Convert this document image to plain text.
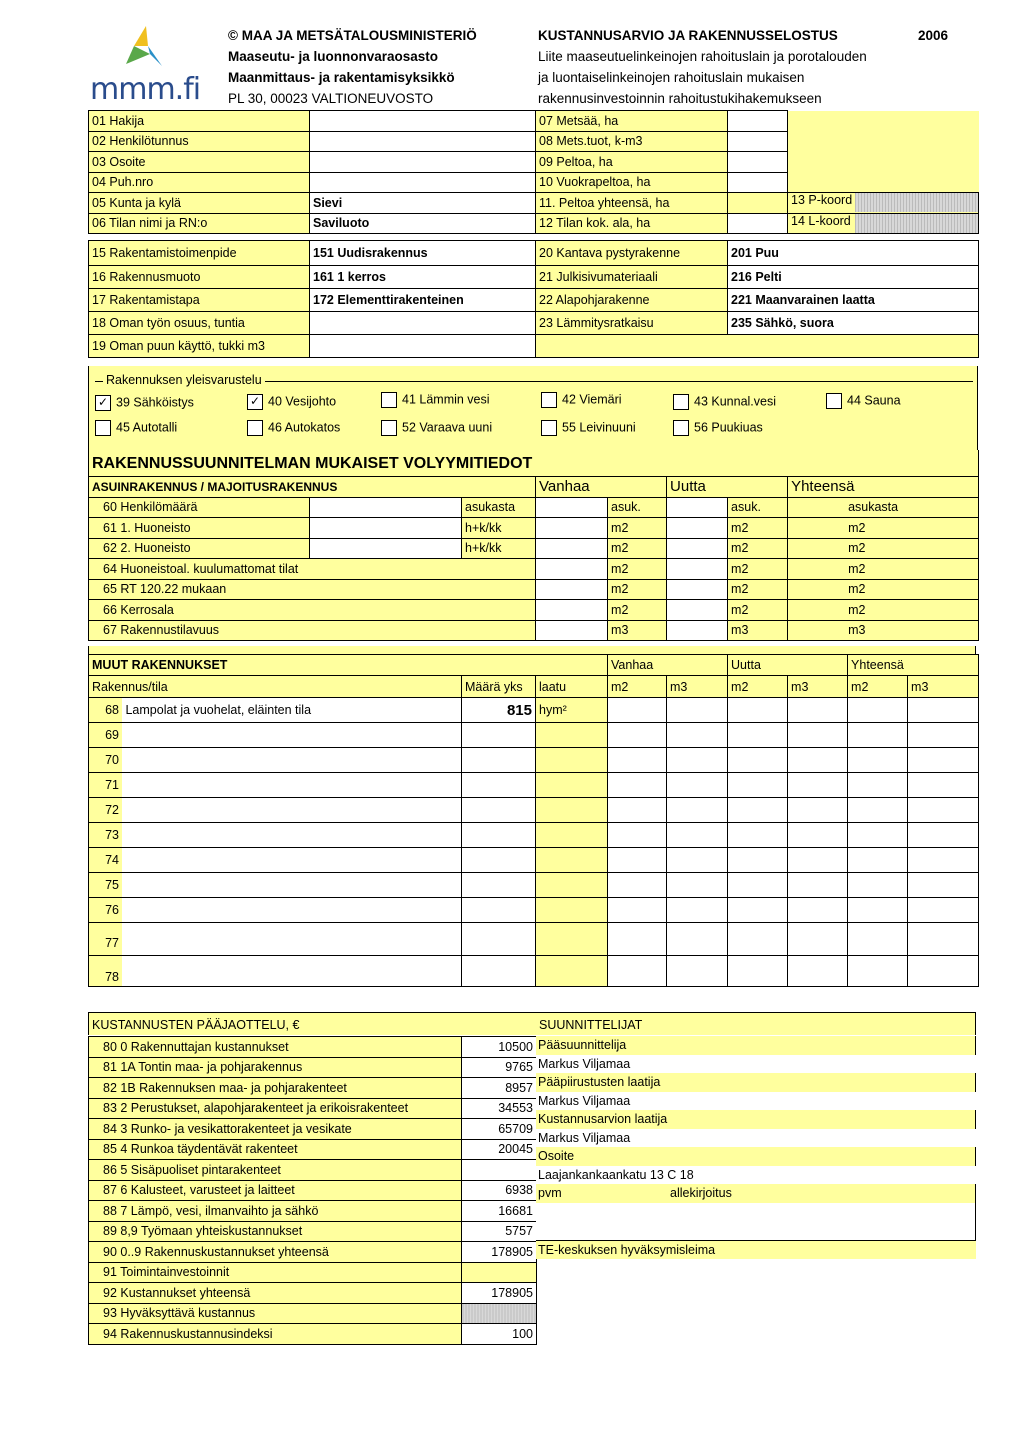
mmm.fi
© MAA JA METSÄTALOUSMINISTERIÖ
Maaseutu- ja luonnonvaraosasto
Maanmittaus- ja rakentamisyksikkö
PL 30, 00023 VALTIONEUVOSTO
KUSTANNUSARVIO JA RAKENNUSSELOSTUS	2006
Liite maaseutuelinkeinojen rahoituslain ja porotalouden
ja luontaiselinkeinojen rahoituslain mukaisen
rakennusinvestoinnin rahoitustukihakemukseen
01 Hakija		07 Metsää, ha		
02 Henkilötunnus		08 Mets.tuot, k-m3		
03 Osoite		09 Peltoa, ha		
04 Puh.nro		10 Vuokrapeltoa, ha		
05 Kunta ja kylä	Sievi	11. Peltoa yhteensä, ha		13 P-koord

06 Tilan nimi ja RN:o	Saviluoto	12 Tilan kok. ala, ha		14 L-koord
15 Rakentamistoimenpide	151 Uudisrakennus	20 Kantava pystyrakenne	201 Puu
16 Rakennusmuoto	161 1 kerros	21 Julkisivumateriaali	216 Pelti
17 Rakentamistapa	172 Elementtirakenteinen	22 Alapohjarakenne	221 Maanvarainen laatta
18 Oman työn osuus, tuntia		23 Lämmitysratkaisu	235 Sähkö, suora
19 Oman puun käyttö, tukki m3			
Rakennuksen yleisvarustelu
✓ 39 Sähköistys	✓ 40 Vesijohto	41 Lämmin vesi	42 Viemäri	43 Kunnal.vesi	44 Sauna
45 Autotalli	46 Autokatos	52 Varaava uuni	55 Leivinuuni	56 Puukiuas
RAKENNUSSUUNNITELMAN MUKAISET VOLYYMITIEDOT
ASUINRAKENNUS / MAJOITUSRAKENNUS			Vanhaa		Uutta		Yhteensä
60 Henkilömäärä		asukasta		asuk.		asuk.	asukasta
61 1. Huoneisto		h+k/kk		m2		m2	m2
62 2. Huoneisto		h+k/kk		m2		m2	m2
64 Huoneistoal. kuulumattomat tilat				m2		m2	m2
65 RT 120.22 mukaan				m2		m2	m2
66 Kerrosala				m2		m2	m2
67 Rakennustilavuus				m3		m3	m3
MUUT RAKENNUKSET			Vanhaa		Uutta		Yhteensä	
Rakennus/tila	Määrä yks	laatu	m2	m3	m2	m3	m2	m3
68 Lampolat ja vuohelat, eläinten tila	815	hym²						
69								
70								
71								
72								
73								
74								
75								
76								
77								
78								
KUSTANNUSTEN PÄÄJAOTTELU, €	SUUNNITTELIJAT
80 0 Rakennuttajan kustannukset	10500
81 1A Tontin maa- ja pohjarakennus	9765
82 1B Rakennuksen maa- ja pohjarakenteet	8957
83 2 Perustukset, alapohjarakenteet ja erikoisrakenteet	34553
84 3 Runko- ja vesikattorakenteet ja vesikate	65709
85 4 Runkoa täydentävät rakenteet	20045
86 5 Sisäpuoliset pintarakenteet	
87 6 Kalusteet, varusteet ja laitteet	6938
88 7 Lämpö, vesi, ilmanvaihto ja sähkö	16681
89 8,9 Työmaan yhteiskustannukset	5757
90 0..9 Rakennuskustannukset yhteensä	178905
91 Toimintainvestoinnit	
92 Kustannukset yhteensä	178905
93 Hyväksyttävä kustannus	
94 Rakennuskustannusindeksi	100
Pääsuunnittelija
Markus Viljamaa
Pääpiirustusten laatija
Markus Viljamaa
Kustannusarvion laatija
Markus Viljamaa
Osoite
Laajankankaankatu 13 C 18
pvm	allekirjoitus
TE-keskuksen hyväksymisleima
